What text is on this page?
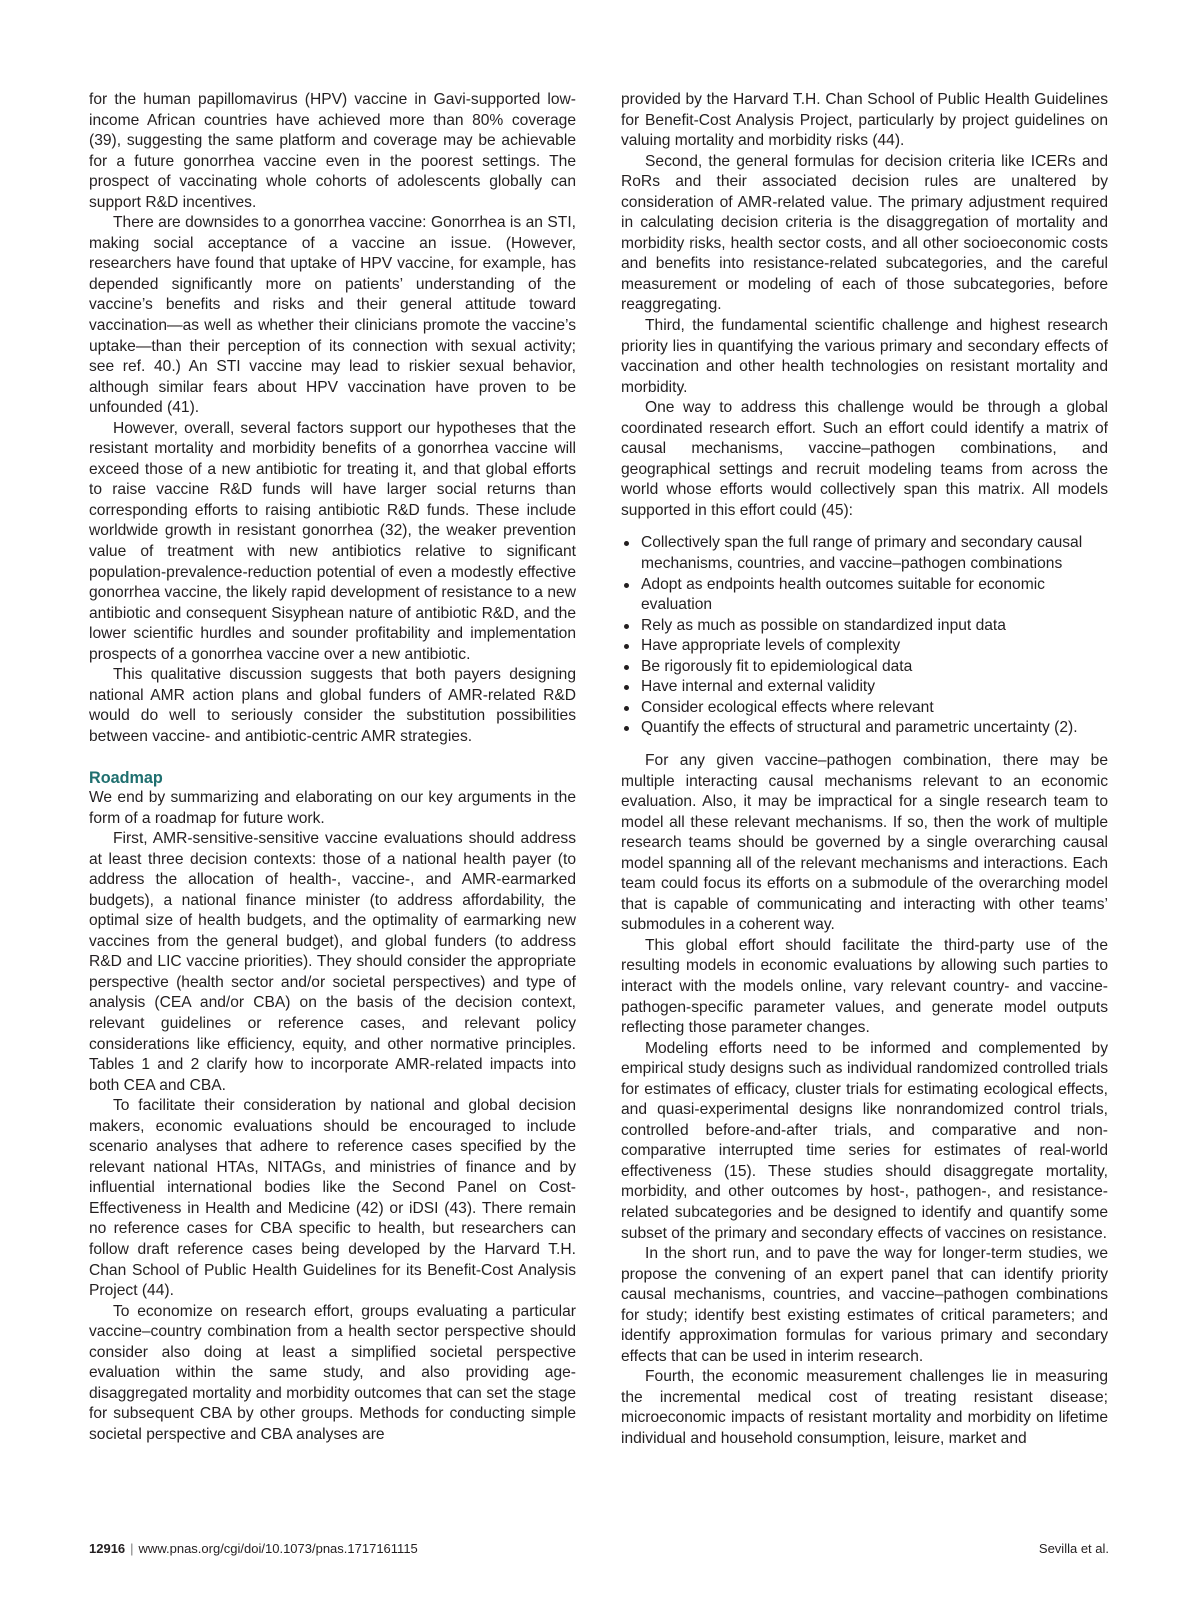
for the human papillomavirus (HPV) vaccine in Gavi-supported low-income African countries have achieved more than 80% coverage (39), suggesting the same platform and coverage may be achievable for a future gonorrhea vaccine even in the poorest settings. The prospect of vaccinating whole cohorts of adolescents globally can support R&D incentives.

There are downsides to a gonorrhea vaccine: Gonorrhea is an STI, making social acceptance of a vaccine an issue. (However, researchers have found that uptake of HPV vaccine, for example, has depended significantly more on patients’ understanding of the vaccine’s benefits and risks and their general attitude toward vaccination—as well as whether their clinicians promote the vaccine’s uptake—than their perception of its connection with sexual activity; see ref. 40.) An STI vaccine may lead to riskier sexual behavior, although similar fears about HPV vaccination have proven to be unfounded (41).

However, overall, several factors support our hypotheses that the resistant mortality and morbidity benefits of a gonorrhea vaccine will exceed those of a new antibiotic for treating it, and that global efforts to raise vaccine R&D funds will have larger social returns than corresponding efforts to raising antibiotic R&D funds. These include worldwide growth in resistant gonorrhea (32), the weaker prevention value of treatment with new antibiotics relative to significant population-prevalence-reduction potential of even a modestly effective gonorrhea vaccine, the likely rapid development of resistance to a new antibiotic and consequent Sisyphean nature of antibiotic R&D, and the lower scientific hurdles and sounder profitability and implementation prospects of a gonorrhea vaccine over a new antibiotic.

This qualitative discussion suggests that both payers designing national AMR action plans and global funders of AMR-related R&D would do well to seriously consider the substitution possibilities between vaccine- and antibiotic-centric AMR strategies.

Roadmap

We end by summarizing and elaborating on our key arguments in the form of a roadmap for future work.

First, AMR-sensitive-sensitive vaccine evaluations should address at least three decision contexts: those of a national health payer (to address the allocation of health-, vaccine-, and AMR-earmarked budgets), a national finance minister (to address affordability, the optimal size of health budgets, and the optimality of earmarking new vaccines from the general budget), and global funders (to address R&D and LIC vaccine priorities). They should consider the appropriate perspective (health sector and/or societal perspectives) and type of analysis (CEA and/or CBA) on the basis of the decision context, relevant guidelines or reference cases, and relevant policy considerations like efficiency, equity, and other normative principles. Tables 1 and 2 clarify how to incorporate AMR-related impacts into both CEA and CBA.

To facilitate their consideration by national and global decision makers, economic evaluations should be encouraged to include scenario analyses that adhere to reference cases specified by the relevant national HTAs, NITAGs, and ministries of finance and by influential international bodies like the Second Panel on Cost-Effectiveness in Health and Medicine (42) or iDSI (43). There remain no reference cases for CBA specific to health, but researchers can follow draft reference cases being developed by the Harvard T.H. Chan School of Public Health Guidelines for its Benefit-Cost Analysis Project (44).

To economize on research effort, groups evaluating a particular vaccine–country combination from a health sector perspective should consider also doing at least a simplified societal perspective evaluation within the same study, and also providing age-disaggregated mortality and morbidity outcomes that can set the stage for subsequent CBA by other groups. Methods for conducting simple societal perspective and CBA analyses are

provided by the Harvard T.H. Chan School of Public Health Guidelines for Benefit-Cost Analysis Project, particularly by project guidelines on valuing mortality and morbidity risks (44).

Second, the general formulas for decision criteria like ICERs and RoRs and their associated decision rules are unaltered by consideration of AMR-related value. The primary adjustment required in calculating decision criteria is the disaggregation of mortality and morbidity risks, health sector costs, and all other socioeconomic costs and benefits into resistance-related subcategories, and the careful measurement or modeling of each of those subcategories, before reaggregating.

Third, the fundamental scientific challenge and highest research priority lies in quantifying the various primary and secondary effects of vaccination and other health technologies on resistant mortality and morbidity.

One way to address this challenge would be through a global coordinated research effort. Such an effort could identify a matrix of causal mechanisms, vaccine–pathogen combinations, and geographical settings and recruit modeling teams from across the world whose efforts would collectively span this matrix. All models supported in this effort could (45):

Collectively span the full range of primary and secondary causal mechanisms, countries, and vaccine–pathogen combinations
Adopt as endpoints health outcomes suitable for economic evaluation
Rely as much as possible on standardized input data
Have appropriate levels of complexity
Be rigorously fit to epidemiological data
Have internal and external validity
Consider ecological effects where relevant
Quantify the effects of structural and parametric uncertainty (2).

For any given vaccine–pathogen combination, there may be multiple interacting causal mechanisms relevant to an economic evaluation. Also, it may be impractical for a single research team to model all these relevant mechanisms. If so, then the work of multiple research teams should be governed by a single overarching causal model spanning all of the relevant mechanisms and interactions. Each team could focus its efforts on a submodule of the overarching model that is capable of communicating and interacting with other teams’ submodules in a coherent way.

This global effort should facilitate the third-party use of the resulting models in economic evaluations by allowing such parties to interact with the models online, vary relevant country- and vaccine-pathogen-specific parameter values, and generate model outputs reflecting those parameter changes.

Modeling efforts need to be informed and complemented by empirical study designs such as individual randomized controlled trials for estimates of efficacy, cluster trials for estimating ecological effects, and quasi-experimental designs like nonrandomized control trials, controlled before-and-after trials, and comparative and non-comparative interrupted time series for estimates of real-world effectiveness (15). These studies should disaggregate mortality, morbidity, and other outcomes by host-, pathogen-, and resistance-related subcategories and be designed to identify and quantify some subset of the primary and secondary effects of vaccines on resistance.

In the short run, and to pave the way for longer-term studies, we propose the convening of an expert panel that can identify priority causal mechanisms, countries, and vaccine–pathogen combinations for study; identify best existing estimates of critical parameters; and identify approximation formulas for various primary and secondary effects that can be used in interim research.

Fourth, the economic measurement challenges lie in measuring the incremental medical cost of treating resistant disease; microeconomic impacts of resistant mortality and morbidity on lifetime individual and household consumption, leisure, market and

12916 | www.pnas.org/cgi/doi/10.1073/pnas.1717161115	Sevilla et al.
